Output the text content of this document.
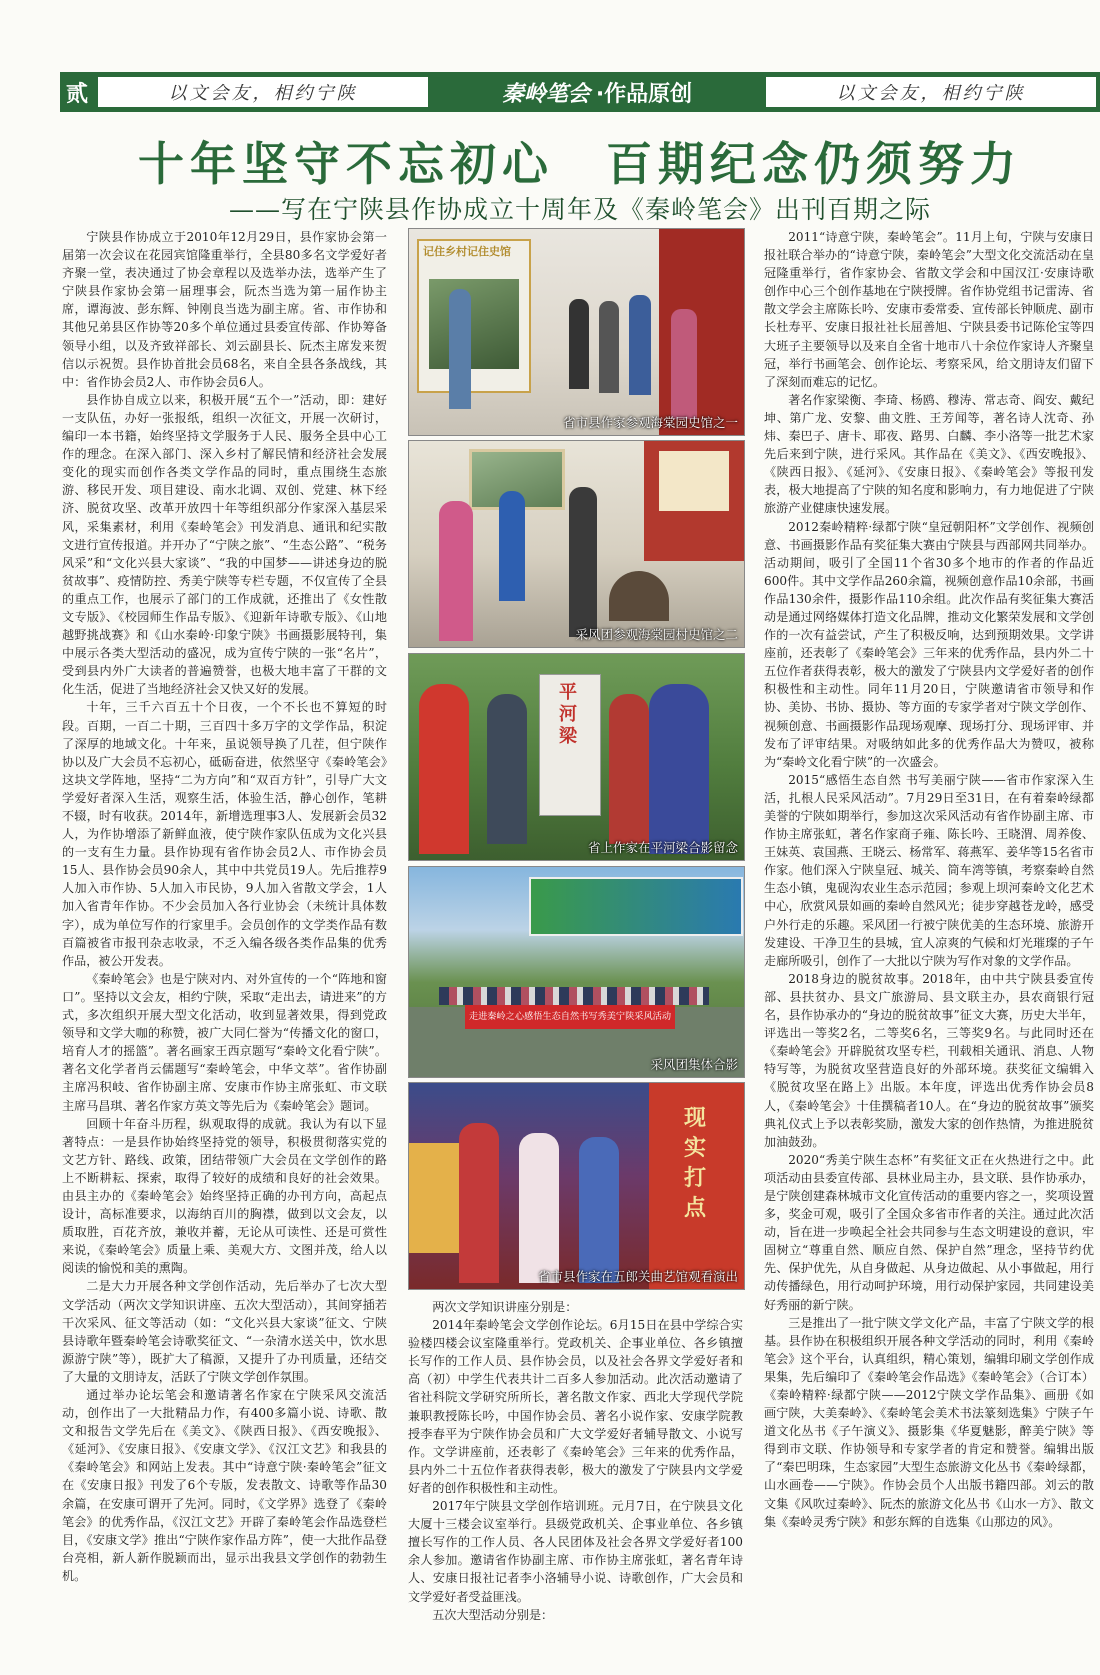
贰	以文会友，相约宁陕	秦岭笔会 ·作品原创	以文会友，相约宁陕
十年坚守不忘初心　百期纪念仍须努力
——写在宁陕县作协成立十周年及《秦岭笔会》出刊百期之际

宁陕县作协成立于2010年12月29日，县作家协会第一届第一次会议在花园宾馆隆重举行，全县80多名文学爱好者齐聚一堂，表决通过了协会章程以及选举办法，选举产生了宁陕县作家协会第一届理事会，阮杰当选为第一届作协主席，谭海波、彭东辉、钟刚良当选为副主席。省、市作协和其他兄弟县区作协等20多个单位通过县委宣传部、作协筹备领导小组，以及齐致祥部长、刘云副县长、阮杰主席发来贺信以示祝贺。县作协首批会员68名，来自全县各条战线，其中：省作协会员2人、市作协会员6人。

县作协自成立以来，积极开展“五个一”活动，即：建好一支队伍，办好一张报纸，组织一次征文，开展一次研讨，编印一本书籍，始终坚持文学服务于人民、服务全县中心工作的理念。在深入部门、深入乡村了解民情和经济社会发展变化的现实而创作各类文学作品的同时，重点围绕生态旅游、移民开发、项目建设、南水北调、双创、党建、林下经济、脱贫攻坚、改革开放四十年等组织部分作家深入基层采风，采集素材，利用《秦岭笔会》刊发消息、通讯和纪实散文进行宣传报道。并开办了“宁陕之旅”、“生态公路”、“税务风采”和“文化兴县大家谈”、“我的中国梦——讲述身边的脱贫故事”、疫情防控、秀美宁陕等专栏专题，不仅宣传了全县的重点工作，也展示了部门的工作成就，还推出了《女性散文专版》、《校园师生作品专版》、《迎新年诗歌专版》、《山地越野挑战赛》和《山水秦岭·印象宁陕》书画摄影展特刊，集中展示各类大型活动的盛况，成为宣传宁陕的一张“名片”，受到县内外广大读者的普遍赞誉，也极大地丰富了干群的文化生活，促进了当地经济社会又快又好的发展。

十年，三千六百五十个日夜，一个不长也不算短的时段。百期，一百二十期，三百四十多万字的文学作品，积淀了深厚的地域文化。十年来，虽说领导换了几茬，但宁陕作协以及广大会员不忘初心，砥砺奋进，依然坚守《秦岭笔会》这块文学阵地，坚持“二为方向”和“双百方针”，引导广大文学爱好者深入生活，观察生活，体验生活，静心创作，笔耕不辍，时有收获。2014年，新增选理事3人、发展新会员32人，为作协增添了新鲜血液，使宁陕作家队伍成为文化兴县的一支有生力量。县作协现有省作协会员2人、市作协会员15人、县作协会员90余人，其中中共党员19人。先后推荐9人加入市作协、5人加入市民协，9人加入省散文学会，1人加入省青年作协。不少会员加入各行业协会（未统计具体数字），成为单位写作的行家里手。会员创作的文学类作品有数百篇被省市报刊杂志收录，不乏入编各级各类作品集的优秀作品，被公开发表。

《秦岭笔会》也是宁陕对内、对外宣传的一个“阵地和窗口”。坚持以文会友，相约宁陕，采取“走出去，请进来”的方式，多次组织开展大型文化活动，收到显著效果，得到党政领导和文学大咖的称赞，被广大同仁誉为“传播文化的窗口，培育人才的摇篮”。著名画家王西京题写“秦岭文化看宁陕”。著名文化学者肖云儒题写“秦岭笔会，中华文萃”。省作协副主席冯积岐、省作协副主席、安康市作协主席张虹、市文联主席马昌琪、著名作家方英文等先后为《秦岭笔会》题词。

回顾十年奋斗历程，纵观取得的成就。我认为有以下显著特点：一是县作协始终坚持党的领导，积极贯彻落实党的文艺方针、路线、政策，团结带领广大会员在文学创作的路上不断耕耘、探索，取得了较好的成绩和良好的社会效果。由县主办的《秦岭笔会》始终坚持正确的办刊方向，高起点设计，高标准要求，以海纳百川的胸襟，做到以文会友，以质取胜，百花齐放，兼收并蓄，无论从可读性、还是可赏性来说，《秦岭笔会》质量上乘、美观大方、文图并茂，给人以阅读的愉悦和美的熏陶。

二是大力开展各种文学创作活动，先后举办了七次大型文学活动（两次文学知识讲座、五次大型活动），其间穿插若干次采风、征文等活动（如：“文化兴县大家谈”征文、宁陕县诗歌年暨秦岭笔会诗歌奖征文、“一杂清水送关中，饮水思源游宁陕”等），既扩大了稿源，又提升了办刊质量，还结交了大量的文朋诗友，活跃了宁陕文学创作氛围。

通过举办论坛笔会和邀请著名作家在宁陕采风交流活动，创作出了一大批精品力作，有400多篇小说、诗歌、散文和报告文学先后在《美文》、《陕西日报》、《西安晚报》、《延河》、《安康日报》、《安康文学》、《汉江文艺》和我县的《秦岭笔会》和网站上发表。其中“诗意宁陕·秦岭笔会”征文在《安康日报》刊发了6个专版，发表散文、诗歌等作品30余篇，在安康可谓开了先河。同时，《文学界》选登了《秦岭笔会》的优秀作品，《汉江文艺》开辟了秦岭笔会作品选登栏目，《安康文学》推出“宁陕作家作品方阵”，使一大批作品登台亮相，新人新作脱颖而出，显示出我县文学创作的勃勃生机。

记住乡村记住史馆
省市县作家参观海棠园史馆之一
采风团参观海棠园村史馆之二
平河梁
省上作家在平河梁合影留念
走进秦岭之心感悟生态自然书写秀美宁陕采风活动
采风团集体合影
现实打点
省市县作家在五郎关曲艺馆观看演出

两次文学知识讲座分别是：

2014年秦岭笔会文学创作论坛。6月15日在县中学综合实验楼四楼会议室隆重举行。党政机关、企事业单位、各乡镇擅长写作的工作人员、县作协会员，以及社会各界文学爱好者和高（初）中学生代表共计二百多人参加活动。此次活动邀请了省社科院文学研究所所长，著名散文作家、西北大学现代学院兼职教授陈长吟，中国作协会员、著名小说作家、安康学院教授李春平为宁陕作协会员和广大文学爱好者辅导散文、小说写作。文学讲座前，还表彰了《秦岭笔会》三年来的优秀作品，县内外二十五位作者获得表彰，极大的激发了宁陕县内文学爱好者的创作积极性和主动性。

2017年宁陕县文学创作培训班。元月7日，在宁陕县文化大厦十三楼会议室举行。县级党政机关、企事业单位、各乡镇擅长写作的工作人员、各人民团体及社会各界文学爱好者100余人参加。邀请省作协副主席、市作协主席张虹，著名青年诗人、安康日报社记者李小洛辅导小说、诗歌创作，广大会员和文学爱好者受益匪浅。

五次大型活动分别是：

2011“诗意宁陕，秦岭笔会”。11月上旬，宁陕与安康日报社联合举办的“诗意宁陕，秦岭笔会”大型文化交流活动在皇冠隆重举行，省作家协会、省散文学会和中国汉江·安康诗歌创作中心三个创作基地在宁陕授牌。省作协党组书记雷涛、省散文学会主席陈长吟、安康市委常委、宣传部长钟顺虎、副市长杜寿平、安康日报社社长屈善旭、宁陕县委书记陈伦宝等四大班子主要领导以及来自全省十地市八十余位作家诗人齐聚皇冠，举行书画笔会、创作论坛、考察采风，给文朋诗友们留下了深刻而难忘的记忆。

著名作家梁衡、李琦、杨鸥、穆涛、常志奇、阎安、戴纪坤、第广龙、安黎、曲文胜、王芳闻等，著名诗人沈奇、孙炜、秦巴子、唐卡、耶夜、路男、白麟、李小洛等一批艺术家先后来到宁陕，进行采风。其作品在《美文》、《西安晚报》、《陕西日报》、《延河》、《安康日报》、《秦岭笔会》等报刊发表，极大地提高了宁陕的知名度和影响力，有力地促进了宁陕旅游产业健康快速发展。

2012秦岭精粹·绿都宁陕“皇冠朝阳杯”文学创作、视频创意、书画摄影作品有奖征集大赛由宁陕县与西部网共同举办。活动期间，吸引了全国11个省30多个地市的作者的作品近600件。其中文学作品260余篇，视频创意作品10余部，书画作品130余件，摄影作品110余组。此次作品有奖征集大赛活动是通过网络媒体打造文化品牌，推动文化繁荣发展和文学创作的一次有益尝试，产生了积极反响，达到预期效果。文学讲座前，还表彰了《秦岭笔会》三年来的优秀作品，县内外二十五位作者获得表彰，极大的激发了宁陕县内文学爱好者的创作积极性和主动性。同年11月20日，宁陕邀请省市领导和作协、美协、书协、摄协、等方面的专家学者对宁陕文学创作、视频创意、书画摄影作品现场观摩、现场打分、现场评审、并发布了评审结果。对吸纳如此多的优秀作品大为赞叹，被称为“秦岭文化看宁陕”的一次盛会。

2015“感悟生态自然 书写美丽宁陕——省市作家深入生活，扎根人民采风活动”。7月29日至31日，在有着秦岭绿都美誉的宁陕如期举行，参加这次采风活动有省作协副主席、市作协主席张虹，著名作家商子雍、陈长吟、王晓渭、周养俊、王妹英、袁国燕、王晓云、杨常军、蒋燕军、姜华等15名省市作家。他们深入宁陕皇冠、城关、筒车湾等镇，考察秦岭自然生态小镇，鬼砚沟农业生态示范园；参观上坝河秦岭文化艺术中心，欣赏风景如画的秦岭自然风光；徒步穿越苍龙岭，感受户外行走的乐趣。采风团一行被宁陕优美的生态环境、旅游开发建设、干净卫生的县城，宜人凉爽的气候和灯光璀璨的子午走廊所吸引，创作了一大批以宁陕为写作对象的文学作品。

2018身边的脱贫故事。2018年，由中共宁陕县委宣传部、县扶贫办、县文广旅游局、县文联主办，县农商银行冠名，县作协承办的“身边的脱贫故事”征文大赛，历史大半年，评选出一等奖2名，二等奖6名，三等奖9名。与此同时还在《秦岭笔会》开辟脱贫攻坚专栏，刊载相关通讯、消息、人物特写等，为脱贫攻坚营造良好的外部环境。获奖征文编辑入《脱贫攻坚在路上》出版。本年度，评选出优秀作协会员8人，《秦岭笔会》十佳撰稿者10人。在“身边的脱贫故事”颁奖典礼仪式上予以表彰奖励，激发大家的创作热情，为推进脱贫加油鼓劲。

2020“秀美宁陕生态杯”有奖征文正在火热进行之中。此项活动由县委宣传部、县林业局主办，县文联、县作协承办，是宁陕创建森林城市文化宣传活动的重要内容之一，奖项设置多，奖金可观，吸引了全国众多省市作者的关注。通过此次活动，旨在进一步唤起全社会共同参与生态文明建设的意识，牢固树立“尊重自然、顺应自然、保护自然”理念，坚持节约优先、保护优先，从自身做起、从身边做起、从小事做起，用行动传播绿色，用行动呵护环境，用行动保护家园，共同建设美好秀丽的新宁陕。

三是推出了一批宁陕文学文化产品，丰富了宁陕文学的根基。县作协在积极组织开展各种文学活动的同时，利用《秦岭笔会》这个平台，认真组织，精心策划，编辑印刷文学创作成果集，先后编印了《秦岭笔会作品选》《秦岭笔会》（合订本）《秦岭精粹·绿都宁陕——2012宁陕文学作品集》、画册《如画宁陕，大美秦岭》、《秦岭笔会美术书法篆刻选集》宁陕子午道文化丛书《子午演义》、摄影集《华夏魅影，醉美宁陕》等得到市文联、作协领导和专家学者的肯定和赞誉。编辑出版了“秦巴明珠，生态家园”大型生态旅游文化丛书《秦岭绿都，山水画卷——宁陕》。作协会员个人出版书籍四部。刘云的散文集《风吹过秦岭》、阮杰的旅游文化丛书《山水一方》、散文集《秦岭灵秀宁陕》和彭东辉的自选集《山那边的风》。
